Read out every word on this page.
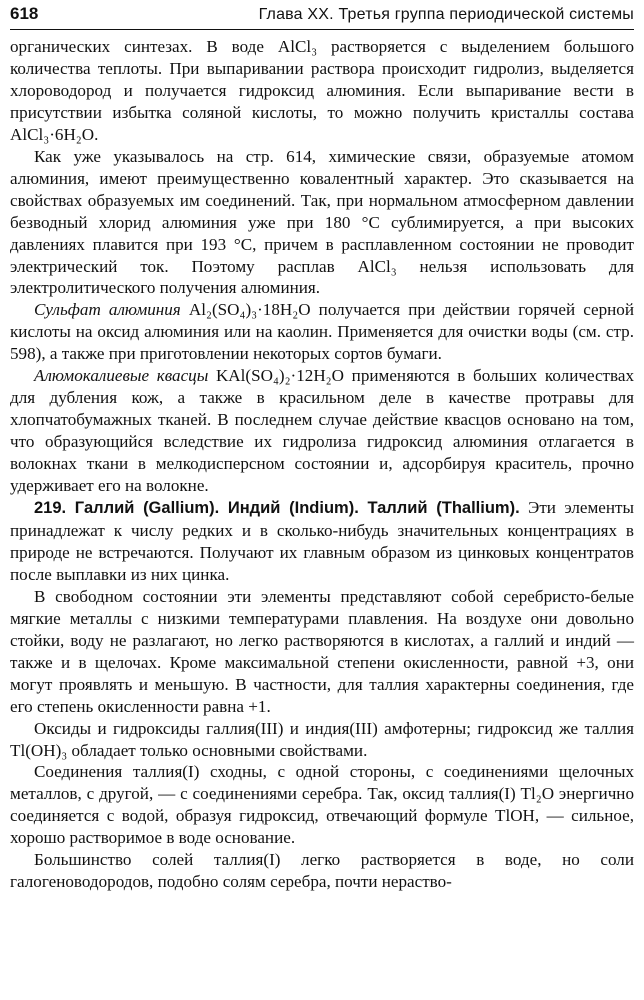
618	Глава XX. Третья группа периодической системы

органических синтезах. В воде AlCl₃ растворяется с выделением большого количества теплоты. При выпаривании раствора происходит гидролиз, выделяется хлороводород и получается гидроксид алюминия. Если выпаривание вести в присутствии избытка соляной кислоты, то можно получить кристаллы состава AlCl₃·6H₂O.

Как уже указывалось на стр. 614, химические связи, образуемые атомом алюминия, имеют преимущественно ковалентный характер. Это сказывается на свойствах образуемых им соединений. Так, при нормальном атмосферном давлении безводный хлорид алюминия уже при 180 °C сублимируется, а при высоких давлениях плавится при 193 °C, причем в расплавленном состоянии не проводит электрический ток. Поэтому расплав AlCl₃ нельзя использовать для электролитического получения алюминия.

Сульфат алюминия Al₂(SO₄)₃·18H₂O получается при действии горячей серной кислоты на оксид алюминия или на каолин. Применяется для очистки воды (см. стр. 598), а также при приготовлении некоторых сортов бумаги.

Алюмокалиевые квасцы KAl(SO₄)₂·12H₂O применяются в больших количествах для дубления кож, а также в красильном деле в качестве протравы для хлопчатобумажных тканей. В последнем случае действие квасцов основано на том, что образующийся вследствие их гидролиза гидроксид алюминия отлагается в волокнах ткани в мелкодисперсном состоянии и, адсорбируя краситель, прочно удерживает его на волокне.

219. Галлий (Gallium). Индий (Indium). Таллий (Thallium). Эти элементы принадлежат к числу редких и в сколько-нибудь значительных концентрациях в природе не встречаются. Получают их главным образом из цинковых концентратов после выплавки из них цинка.

В свободном состоянии эти элементы представляют собой серебристо-белые мягкие металлы с низкими температурами плавления. На воздухе они довольно стойки, воду не разлагают, но легко растворяются в кислотах, а галлий и индий — также и в щелочах. Кроме максимальной степени окисленности, равной +3, они могут проявлять и меньшую. В частности, для таллия характерны соединения, где его степень окисленности равна +1.

Оксиды и гидроксиды галлия(III) и индия(III) амфотерны; гидроксид же таллия Tl(OH)₃ обладает только основными свойствами.

Соединения таллия(I) сходны, с одной стороны, с соединениями щелочных металлов, с другой, — с соединениями серебра. Так, оксид таллия(I) Tl₂O энергично соединяется с водой, образуя гидроксид, отвечающий формуле TlOH, — сильное, хорошо растворимое в воде основание.

Большинство солей таллия(I) легко растворяется в воде, но соли галогеноводородов, подобно солям серебра, почти нераство-
